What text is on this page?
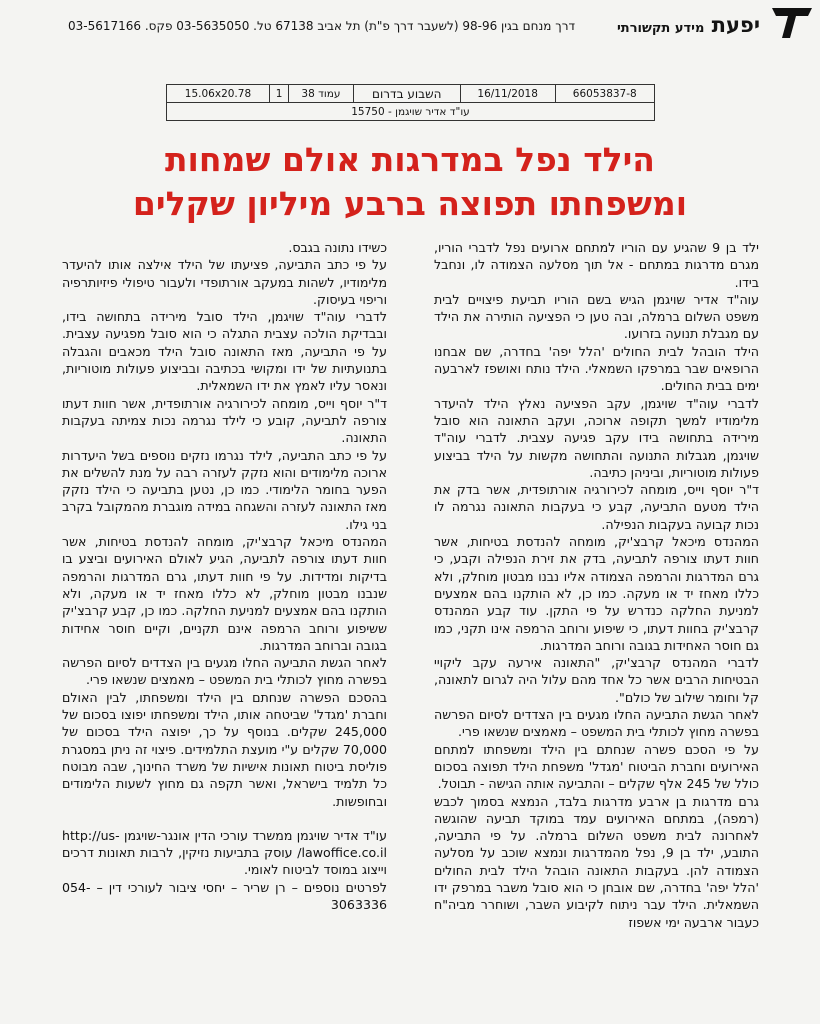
יפעת מידע תקשורתי
דרך מנחם בגין 98-96 (לשעבר דרך פ"ת) תל אביב 67138 טל. 03-5635050 פקס. 03-5617166
66053837-8	16/11/2018	השבוע בדרום	עמוד 38	1	15.06x20.78
עו"ד אדיר שויגמן - 15750
הילד נפל במדרגות אולם שמחות
ומשפחתו תפוצה ברבע מיליון שקלים

ילד בן 9 שהגיע עם הוריו למתחם ארועים נפל לדברי הוריו, מגרם מדרגות במתחם - אל תוך מסלעה הצמודה לו, ונחבל בידו.

עוה"ד אדיר שויגמן הגיש בשם הוריו תביעת פיצויים לבית משפט השלום ברמלה, ובה טען כי הפציעה הותירה את הילד עם מגבלת תנועה בזרועו.

הילד הובהל לבית החולים 'הלל יפה' בחדרה, שם אבחנו הרופאים שבר במרפקו השמאלי. הילד נותח ואושפז לארבעה ימים בבית החולים.

לדברי עוה"ד שויגמן, עקב הפציעה נאלץ הילד להיעדר מלימודיו למשך תקופה ארוכה, ועקב התאונה הוא סובל מירידה בתחושה בידו עקב פגיעה עצבית. לדברי עוה"ד שויגמן, מגבלות התנועה והתחושה מקשות על הילד בביצוע פעולות מוטוריות, וביניהן כתיבה.

ד"ר יוסף וייס, מומחה לכירורגיה אורתופדית, אשר בדק את הילד מטעם התביעה, קבע כי בעקבות התאונה נגרמה לו נכות קבועה בעקבות הנפילה.

המהנדס מיכאל קרבצ'יק, מומחה להנדסת בטיחות, אשר חוות דעתו צורפה לתביעה, בדק את זירת הנפילה וקבע, כי גרם המדרגות והרמפה הצמודה אליו נבנו מבטון מוחלק, ולא כללו מאחז יד או מעקה. כמו כן, לא הותקנו בהם אמצעים למניעת החלקה כנדרש על פי התקן. עוד קבע המהנדס קרבצ'יק בחוות דעתו, כי שיפוע ורוחב הרמפה אינו תקני, כמו גם חוסר האחידות בגובה ורוחב המדרגות.

לדברי המהנדס קרבצ'יק, "התאונה אירעה עקב ליקויי הבטיחות הרבים אשר כל אחד מהם עלול היה לגרום לתאונה, קל וחומר שילוב של כולם".

לאחר הגשת התביעה החלו מגעים בין הצדדים לסיום הפרשה בפשרה מחוץ לכותלי בית המשפט – מאמצים שנשאו פרי.

על פי הסכם פשרה שנחתם בין הילד ומשפחתו למתחם האירועים וחברת הביטוח 'מגדל' משפחת הילד תפוצה בסכום כולל של 245 אלף שקלים – והתביעה אותה הגישה - תבוטל.

גרם מדרגות בן ארבע מדרגות בלבד, הנמצא בסמוך לכבש (רמפה), במתחם האירועים עמד במוקד תביעה שהוגשה לאחרונה לבית משפט השלום ברמלה. על פי התביעה, התובע, ילד בן 9, נפל מהמדרגות ונמצא שוכב על מסלעה הצמודה להן. בעקבות התאונה הובהל הילד לבית החולים 'הלל יפה' בחדרה, שם אובחן כי הוא סובל משבר במרפק ידו השמאלית. הילד עבר ניתוח לקיבוע השבר, ושוחרר מביה"ח כעבור ארבעה ימי אשפוז

כשידו נתונה בגבס.

על פי כתב התביעה, פציעתו של הילד אילצה אותו להיעדר מלימודיו, לשהות במעקב אורתופדי ולעבור טיפולי פיזיותרפיה וריפוי בעיסוק.

לדברי עוה"ד שויגמן, הילד סובל מירידה בתחושה בידו, ובבדיקת הולכה עצבית התגלה כי הוא סובל מפגיעה עצבית. על פי התביעה, מאז התאונה סובל הילד מכאבים והגבלה בתנועתיות של ידו ומקושי בכתיבה ובביצוע פעולות מוטוריות, ונאסר עליו לאמץ את ידו השמאלית.

ד"ר יוסף וייס, מומחה לכירורגיה אורתופדית, אשר חוות דעתו צורפה לתביעה, קובע כי לילד נגרמה נכות צמיתה בעקבות התאונה.

על פי כתב התביעה, לילד נגרמו נזקים נוספים בשל היעדרות ארוכה מלימודים והוא נזקק לעזרה רבה על מנת להשלים את הפער בחומר הלימודי. כמו כן, נטען בתביעה כי הילד נזקק מאז התאונה לעזרה והשגחה במידה מוגברת מהמקובל בקרב בני גילו.

המהנדס מיכאל קרבצ'יק, מומחה להנדסת בטיחות, אשר חוות דעתו צורפה לתביעה, הגיע לאולם האירועים וביצע בו בדיקות ומדידות. על פי חוות דעתו, גרם המדרגות והרמפה שנבנו מבטון מוחלק, לא כללו מאחז יד או מעקה, ולא הותקנו בהם אמצעים למניעת החלקה. כמו כן, קבע קרבצ'יק ששיפוע ורוחב הרמפה אינם תקניים, וקיים חוסר אחידות בגובה וברוחב המדרגות.

לאחר הגשת התביעה החלו מגעים בין הצדדים לסיום הפרשה בפשרה מחוץ לכותלי בית המשפט – מאמצים שנשאו פרי.

בהסכם הפשרה שנחתם בין הילד ומשפחתו, לבין האולם וחברת 'מגדל' שביטחה אותו, הילד ומשפחתו יפוצו בסכום של 245,000 שקלים. בנוסף על כך, יפוצה הילד בסכום של 70,000 שקלים ע"י מועצת התלמידים. פיצוי זה ניתן במסגרת פוליסת ביטוח תאונות אישיות של משרד החינוך, שבה מבוטח כל תלמיד בישראל, ואשר תקפה גם מחוץ לשעות הלימודים ובחופשות.

עו"ד אדיר שויגמן ממשרד עורכי הדין אונגר-שויגמן http://us-lawoffice.co.il/ עוסק בתביעות נזיקין, לרבות תאונות דרכים וייצוג במוסד לביטוח לאומי.

לפרטים נוספים – רן שריר – יחסי ציבור לעורכי דין – 054-3063336
